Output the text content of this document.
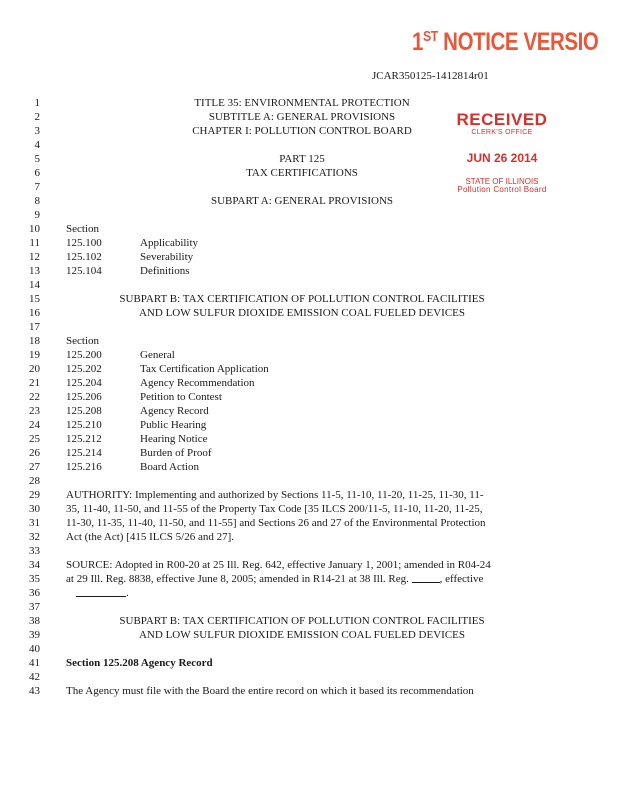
1ST NOTICE VERSIO
JCAR350125-1412814r01
RECEIVED
CLERK'S OFFICE
JUN 26 2014
STATE OF ILLINOIS
Pollution Control Board
1	TITLE 35: ENVIRONMENTAL PROTECTION
2	SUBTITLE A: GENERAL PROVISIONS
3	CHAPTER I: POLLUTION CONTROL BOARD
4
5	PART 125
6	TAX CERTIFICATIONS
7
8	SUBPART A: GENERAL PROVISIONS
9
10 Section
11 125.100	Applicability
12 125.102	Severability
13 125.104	Definitions
14
15	SUBPART B: TAX CERTIFICATION OF POLLUTION CONTROL FACILITIES
16	AND LOW SULFUR DIOXIDE EMISSION COAL FUELED DEVICES
17
18 Section
19 125.200	General
20 125.202	Tax Certification Application
21 125.204	Agency Recommendation
22 125.206	Petition to Contest
23 125.208	Agency Record
24 125.210	Public Hearing
25 125.212	Hearing Notice
26 125.214	Burden of Proof
27 125.216	Board Action
28
29 AUTHORITY: Implementing and authorized by Sections 11-5, 11-10, 11-20, 11-25, 11-30, 11-
30 35, 11-40, 11-50, and 11-55 of the Property Tax Code [35 ILCS 200/11-5, 11-10, 11-20, 11-25,
31 11-30, 11-35, 11-40, 11-50, and 11-55] and Sections 26 and 27 of the Environmental Protection
32 Act (the Act) [415 ILCS 5/26 and 27].
33
34 SOURCE: Adopted in R00-20 at 25 Ill. Reg. 642, effective January 1, 2001; amended in R04-24
35 at 29 Ill. Reg. 8838, effective June 8, 2005; amended in R14-21 at 38 Ill. Reg.	, effective
36	.
37
38	SUBPART B: TAX CERTIFICATION OF POLLUTION CONTROL FACILITIES
39	AND LOW SULFUR DIOXIDE EMISSION COAL FUELED DEVICES
40
41 Section 125.208 Agency Record
42
43 The Agency must file with the Board the entire record on which it based its recommendation
